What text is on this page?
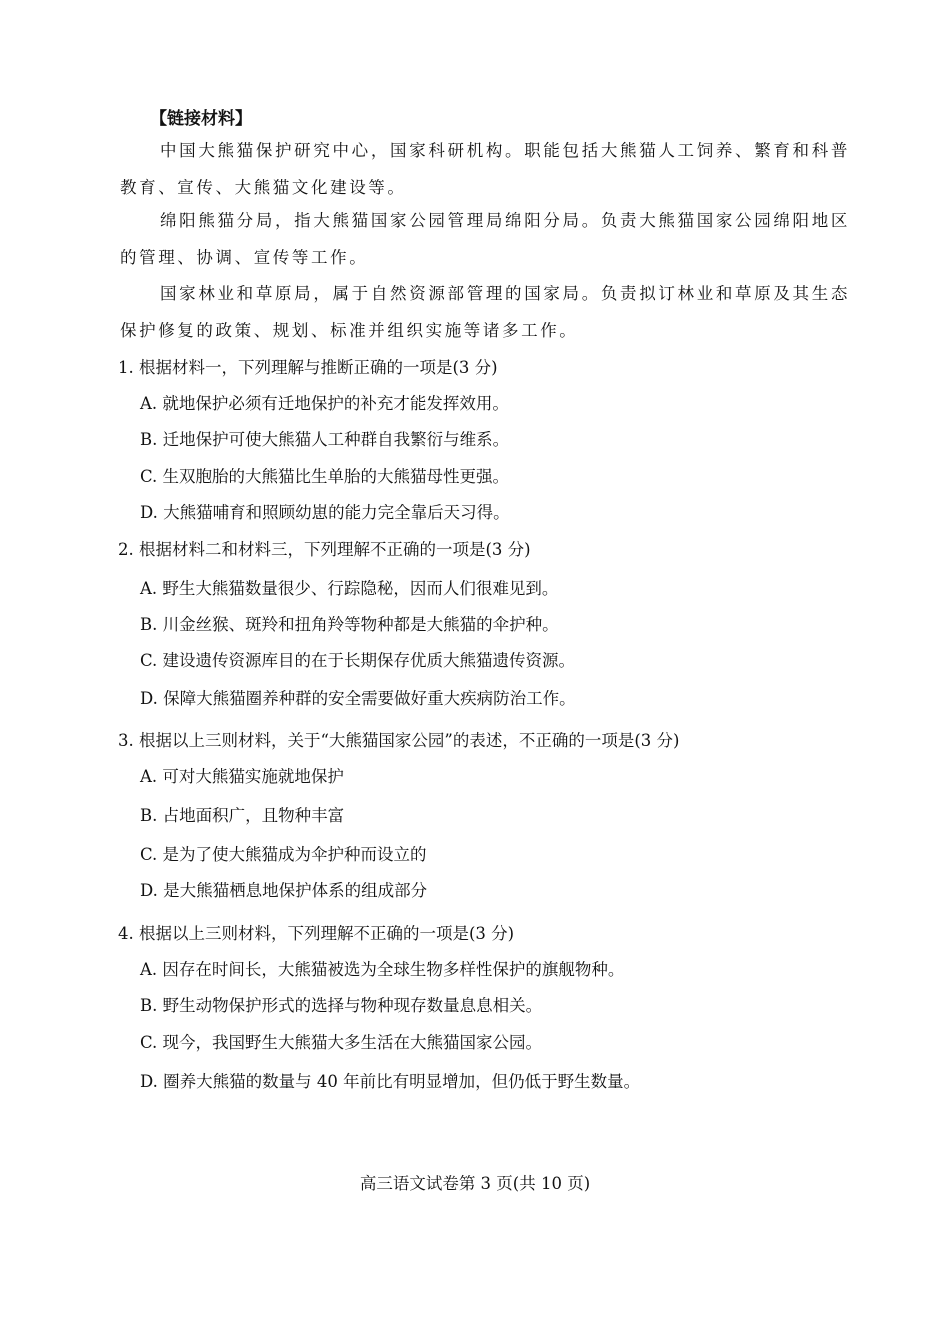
【链接材料】
中国大熊猫保护研究中心，国家科研机构。职能包括大熊猫人工饲养、繁育和科普教育、宣传、大熊猫文化建设等。
绵阳熊猫分局，指大熊猫国家公园管理局绵阳分局。负责大熊猫国家公园绵阳地区的管理、协调、宣传等工作。
国家林业和草原局，属于自然资源部管理的国家局。负责拟订林业和草原及其生态保护修复的政策、规划、标准并组织实施等诸多工作。
1. 根据材料一，下列理解与推断正确的一项是(3 分)
A. 就地保护必须有迁地保护的补充才能发挥效用。
B. 迁地保护可使大熊猫人工种群自我繁衍与维系。
C. 生双胞胎的大熊猫比生单胎的大熊猫母性更强。
D. 大熊猫哺育和照顾幼崽的能力完全靠后天习得。
2. 根据材料二和材料三，下列理解不正确的一项是(3 分)
A. 野生大熊猫数量很少、行踪隐秘，因而人们很难见到。
B. 川金丝猴、斑羚和扭角羚等物种都是大熊猫的伞护种。
C. 建设遗传资源库目的在于长期保存优质大熊猫遗传资源。
D. 保障大熊猫圈养种群的安全需要做好重大疾病防治工作。
3. 根据以上三则材料，关于“大熊猫国家公园”的表述，不正确的一项是(3 分)
A. 可对大熊猫实施就地保护
B. 占地面积广，且物种丰富
C. 是为了使大熊猫成为伞护种而设立的
D. 是大熊猫栖息地保护体系的组成部分
4. 根据以上三则材料，下列理解不正确的一项是(3 分)
A. 因存在时间长，大熊猫被选为全球生物多样性保护的旗舰物种。
B. 野生动物保护形式的选择与物种现存数量息息相关。
C. 现今，我国野生大熊猫大多生活在大熊猫国家公园。
D. 圈养大熊猫的数量与 40 年前比有明显增加，但仍低于野生数量。
高三语文试卷第 3 页(共 10 页)
